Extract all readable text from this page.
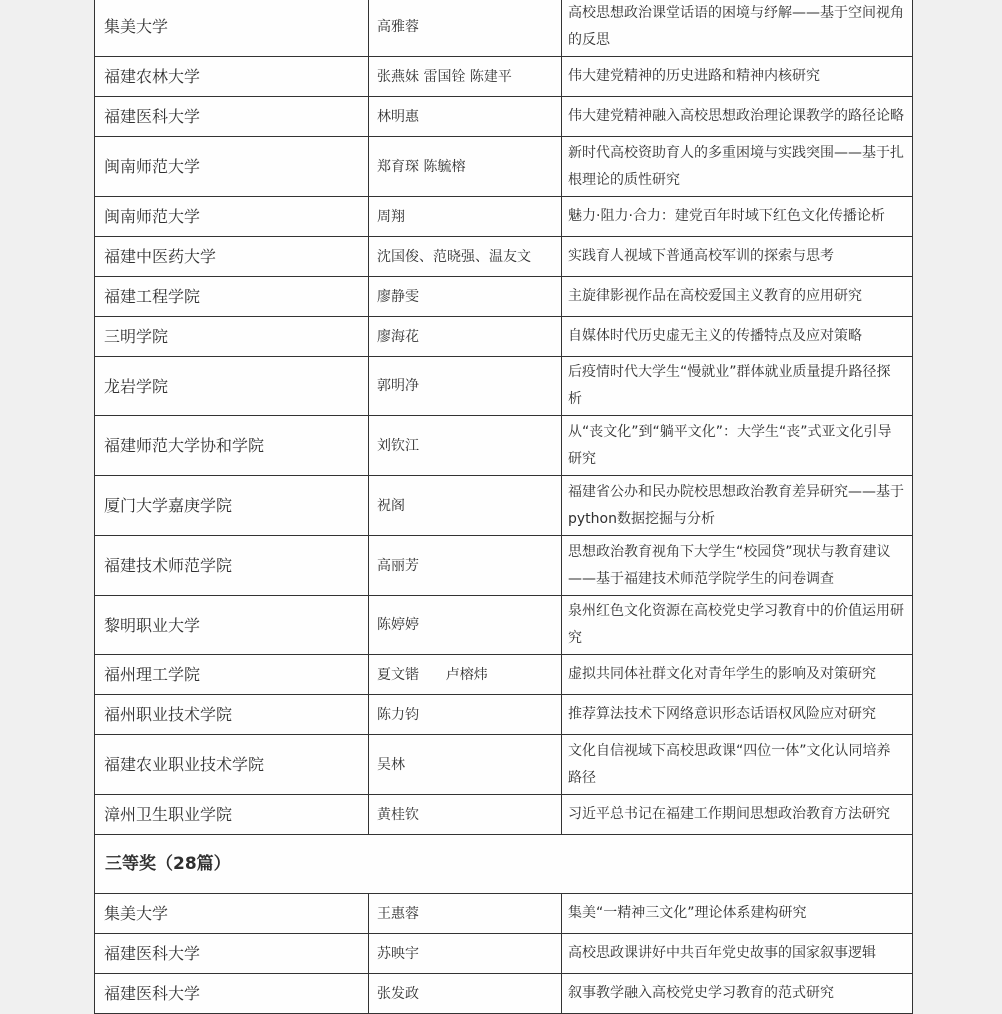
集美大学	高雅蓉	高校思想政治课堂话语的困境与纾解——基于空间视角的反思
福建农林大学	张燕妹 雷国铨 陈建平	伟大建党精神的历史进路和精神内核研究
福建医科大学	林明惠	伟大建党精神融入高校思想政治理论课教学的路径论略
闽南师范大学	郑育琛 陈毓榕	新时代高校资助育人的多重困境与实践突围——基于扎根理论的质性研究
闽南师范大学	周翔	魅力·阻力·合力：建党百年时域下红色文化传播论析
福建中医药大学	沈国俊、范晓强、温友文	实践育人视域下普通高校军训的探索与思考
福建工程学院	廖静雯	主旋律影视作品在高校爱国主义教育的应用研究
三明学院	廖海花	自媒体时代历史虚无主义的传播特点及应对策略
龙岩学院	郭明净	后疫情时代大学生“慢就业”群体就业质量提升路径探析
福建师范大学协和学院	刘钦江	从“丧文化”到“躺平文化”：大学生“丧”式亚文化引导研究
厦门大学嘉庚学院	祝阁	福建省公办和民办院校思想政治教育差异研究——基于python数据挖掘与分析
福建技术师范学院	高丽芳	思想政治教育视角下大学生“校园贷”现状与教育建议——基于福建技术师范学院学生的问卷调查
黎明职业大学	陈婷婷	泉州红色文化资源在高校党史学习教育中的价值运用研究
福州理工学院	夏文锴      卢榕炜	虚拟共同体社群文化对青年学生的影响及对策研究
福州职业技术学院	陈力钧	推荐算法技术下网络意识形态话语权风险应对研究
福建农业职业技术学院	吴林	文化自信视域下高校思政课“四位一体”文化认同培养路径
漳州卫生职业学院	黄桂钦	习近平总书记在福建工作期间思想政治教育方法研究
三等奖（28篇）		
集美大学	王惠蓉	集美“一精神三文化”理论体系建构研究
福建医科大学	苏映宇	高校思政课讲好中共百年党史故事的国家叙事逻辑
福建医科大学	张发政	叙事教学融入高校党史学习教育的范式研究
